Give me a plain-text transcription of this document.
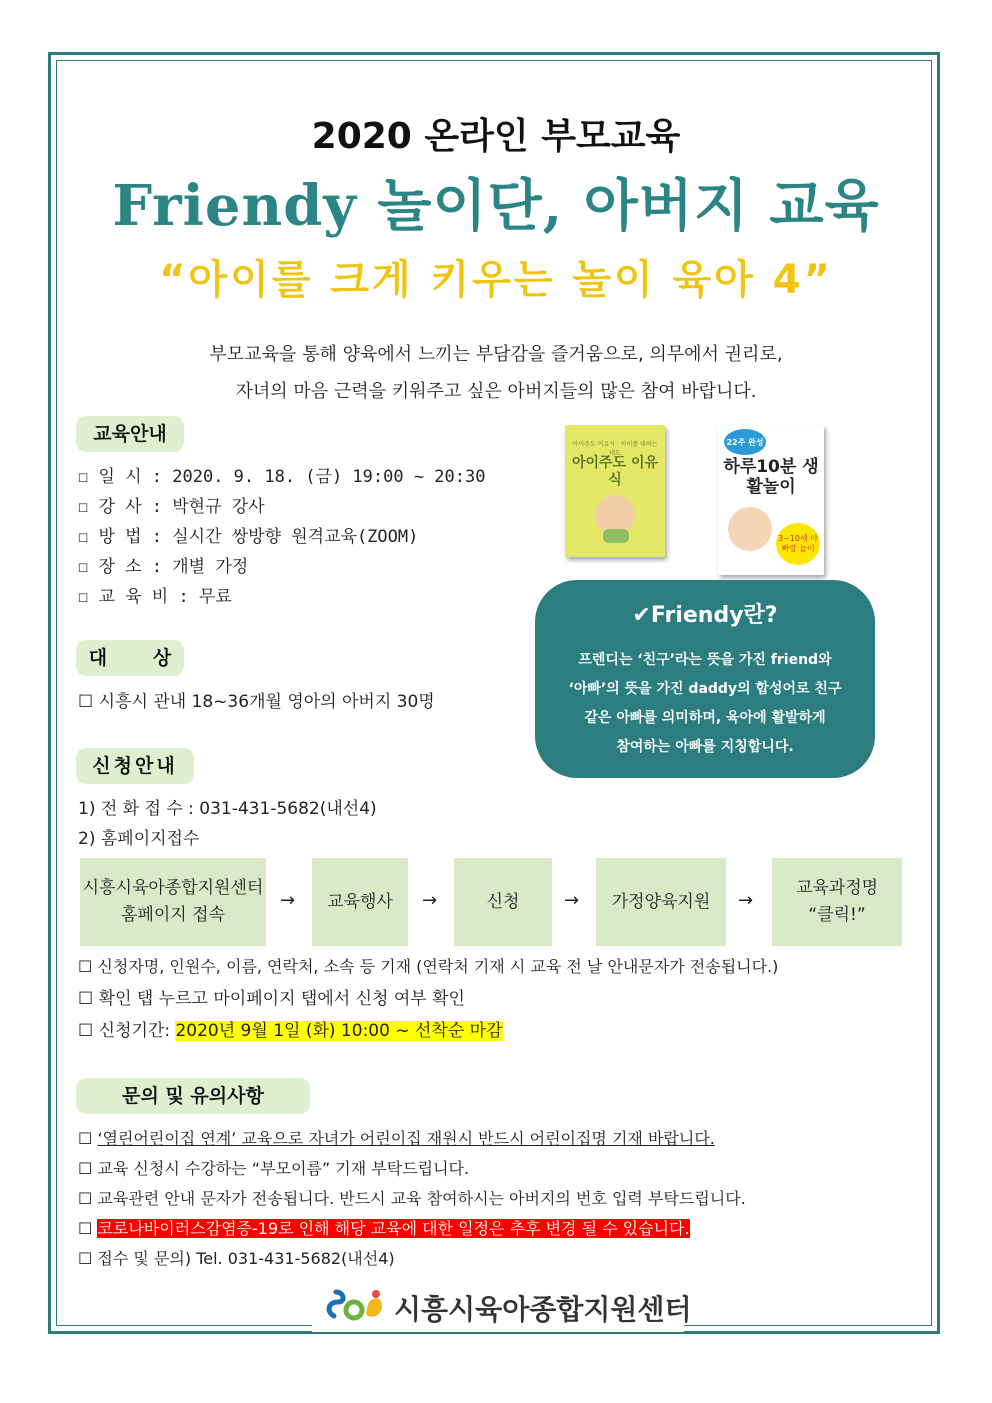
2020 온라인 부모교육
Friendy 놀이단, 아버지 교육
“아이를 크게 키우는 놀이 육아 4”
부모교육을 통해 양육에서 느끼는 부담감을 즐거움으로, 의무에서 권리로,
자녀의 마음 근력을 키워주고 싶은 아버지들의 많은 참여 바랍니다.
교육안내
☐ 일 시 : 2020. 9. 18. (금) 19:00 ~ 20:30
☐ 강 사 : 박현규 강사
☐ 방 법 : 실시간 쌍방향 원격교육(ZOOM)
☐ 장 소 : 개별 가정
☐ 교 육 비 : 무료
아이주도 이유식 · 아이를 대하는 태도
아이주도 이유식
22주 완성
하루10분 생활놀이
3~10세 아빠랑 놀이
✔Friendy란?
프렌디는 ‘친구’라는 뜻을 가진 friend와
‘아빠’의 뜻을 가진 daddy의 합성어로 친구
같은 아빠를 의미하며, 육아에 활발하게
참여하는 아빠를 지칭합니다.
대    상
☐ 시흥시 관내 18~36개월 영아의 아버지 30명
신청안내
1) 전 화 접 수 : 031-431-5682(내선4)
2) 홈페이지접수
시흥시육아종합지원센터
홈페이지 접속
→ 교육행사 →	신청 → 가정양육지원 →
교육과정명
“클릭!”
☐ 신청자명, 인원수, 이름, 연락처, 소속 등 기재 (연락처 기재 시 교육 전 날 안내문자가 전송됩니다.)
☐ 확인 탭 누르고 마이페이지 탭에서 신청 여부 확인
☐ 신청기간: 2020년 9월 1일 (화) 10:00 ~ 선착순 마감
문의 및 유의사항
☐ ‘열린어린이집 연계’ 교육으로 자녀가 어린이집 재원시 반드시 어린이집명 기재 바랍니다.
☐ 교육 신청시 수강하는 “부모이름” 기재 부탁드립니다.
☐ 교육관련 안내 문자가 전송됩니다. 반드시 교육 참여하시는 아버지의 번호 입력 부탁드립니다.
☐ 코로나바이러스감염증-19로 인해 해당 교육에 대한 일정은 추후 변경 될 수 있습니다.
☐ 접수 및 문의) Tel. 031-431-5682(내선4)
시흥시육아종합지원센터
